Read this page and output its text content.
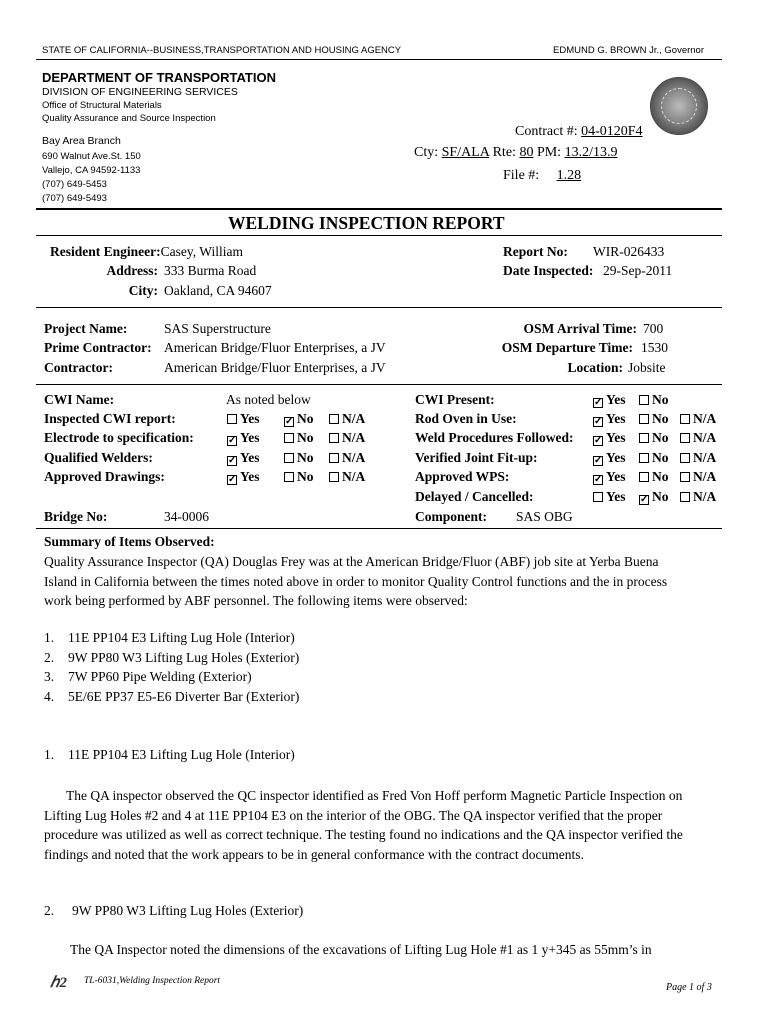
STATE OF CALIFORNIA--BUSINESS,TRANSPORTATION AND HOUSING AGENCY	EDMUND G. BROWN Jr., Governor
DEPARTMENT OF TRANSPORTATION
DIVISION OF ENGINEERING SERVICES
Office of Structural Materials
Quality Assurance and Source Inspection
Bay Area Branch
690 Walnut Ave.St. 150
Vallejo, CA 94592-1133
(707) 649-5453
(707) 649-5493
Contract #: 04-0120F4
Cty: SF/ALA Rte: 80 PM: 13.2/13.9
File #: 1.28
WELDING INSPECTION REPORT
Resident Engineer:Casey, William
Address: 333 Burma Road
City: Oakland, CA 94607
Report No: WIR-026433
Date Inspected: 29-Sep-2011
Project Name:	SAS Superstructure
Prime Contractor: American Bridge/Fluor Enterprises, a JV
Contractor:	American Bridge/Fluor Enterprises, a JV
OSM Arrival Time: 700
OSM Departure Time: 1530
Location: Jobsite
CWI Name:	As noted below
Inspected CWI report:	Yes	✓ No	N/A
Electrode to specification:	✓ Yes	No	N/A
Qualified Welders:	✓ Yes	No	N/A
Approved Drawings:	✓ Yes	No	N/A
CWI Present:	✓ Yes	No
Rod Oven in Use:	✓ Yes	No	N/A
Weld Procedures Followed: ✓ Yes	No	N/A
Verified Joint Fit-up:	✓ Yes	No	N/A
Approved WPS:	✓ Yes	No	N/A
Delayed / Cancelled:	Yes ✓ No	N/A
Bridge No:	34-0006	Component: SAS OBG
Summary of Items Observed:
Quality Assurance Inspector (QA) Douglas Frey was at the American Bridge/Fluor (ABF) job site at Yerba Buena Island in California between the times noted above in order to monitor Quality Control functions and the in process work being performed by ABF personnel. The following items were observed:
1. 11E PP104 E3 Lifting Lug Hole (Interior)
2. 9W PP80 W3 Lifting Lug Holes (Exterior)
3. 7W PP60 Pipe Welding (Exterior)
4. 5E/6E PP37 E5-E6 Diverter Bar (Exterior)
1. 11E PP104 E3 Lifting Lug Hole (Interior)
The QA inspector observed the QC inspector identified as Fred Von Hoff perform Magnetic Particle Inspection on Lifting Lug Holes #2 and 4 at 11E PP104 E3 on the interior of the OBG. The QA inspector verified that the proper procedure was utilized as well as correct technique. The testing found no indications and the QA inspector verified the findings and noted that the work appears to be in general conformance with the contract documents.
2. 9W PP80 W3 Lifting Lug Holes (Exterior)
The QA Inspector noted the dimensions of the excavations of Lifting Lug Hole #1 as 1 y+345 as 55mm’s in
ℎ2	TL-6031,Welding Inspection Report
Page 1 of 3
